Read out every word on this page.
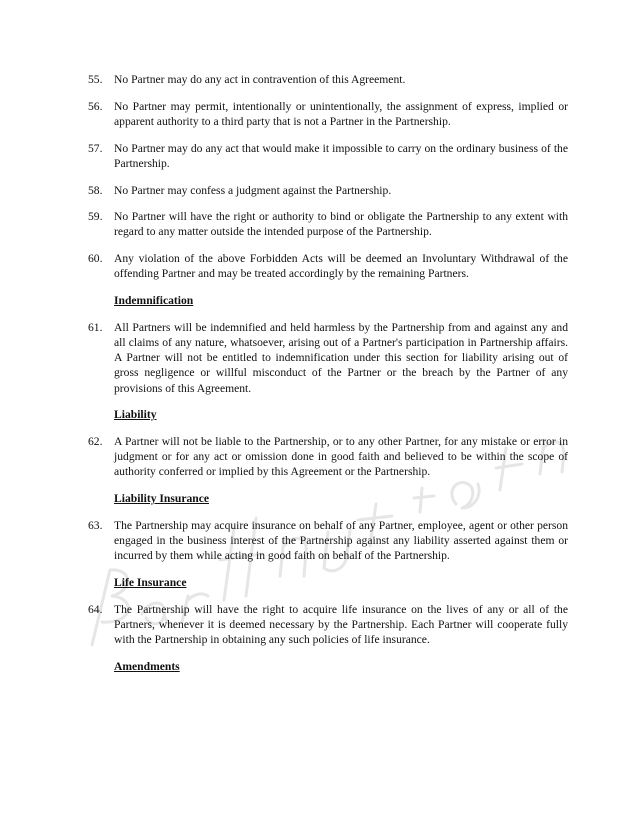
55. No Partner may do any act in contravention of this Agreement.
56. No Partner may permit, intentionally or unintentionally, the assignment of express, implied or apparent authority to a third party that is not a Partner in the Partnership.
57. No Partner may do any act that would make it impossible to carry on the ordinary business of the Partnership.
58. No Partner may confess a judgment against the Partnership.
59. No Partner will have the right or authority to bind or obligate the Partnership to any extent with regard to any matter outside the intended purpose of the Partnership.
60. Any violation of the above Forbidden Acts will be deemed an Involuntary Withdrawal of the offending Partner and may be treated accordingly by the remaining Partners.
Indemnification
61. All Partners will be indemnified and held harmless by the Partnership from and against any and all claims of any nature, whatsoever, arising out of a Partner's participation in Partnership affairs. A Partner will not be entitled to indemnification under this section for liability arising out of gross negligence or willful misconduct of the Partner or the breach by the Partner of any provisions of this Agreement.
Liability
62. A Partner will not be liable to the Partnership, or to any other Partner, for any mistake or error in judgment or for any act or omission done in good faith and believed to be within the scope of authority conferred or implied by this Agreement or the Partnership.
Liability Insurance
63. The Partnership may acquire insurance on behalf of any Partner, employee, agent or other person engaged in the business interest of the Partnership against any liability asserted against them or incurred by them while acting in good faith on behalf of the Partnership.
Life Insurance
64. The Partnership will have the right to acquire life insurance on the lives of any or all of the Partners, whenever it is deemed necessary by the Partnership. Each Partner will cooperate fully with the Partnership in obtaining any such policies of life insurance.
Amendments
